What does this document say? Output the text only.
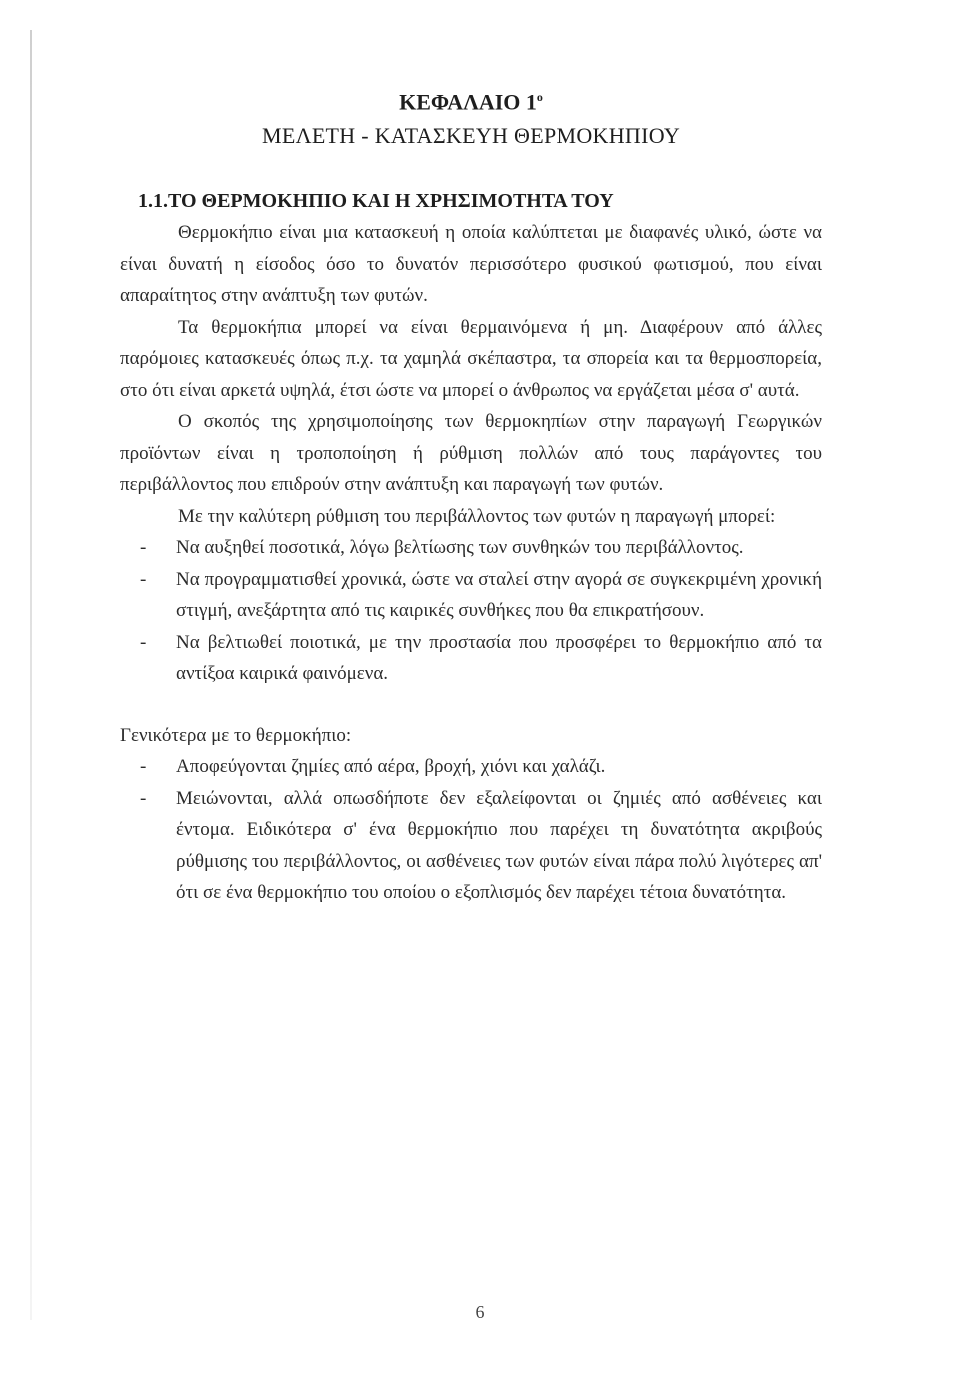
ΚΕΦΑΛΑΙΟ $1^o$
ΜΕΛΕΤΗ - ΚΑΤΑΣΚΕΥΗ ΘΕΡΜΟΚΗΠΙΟΥ
1.1.ΤΟ ΘΕΡΜΟΚΗΠΙΟ ΚΑΙ Η ΧΡΗΣΙΜΟΤΗΤΑ ΤΟΥ

Θερμοκήπιο είναι μια κατασκευή η οποία καλύπτεται με διαφανές υλικό, ώστε να είναι δυνατή η είσοδος όσο το δυνατόν περισσότερο φυσικού φωτισμού, που είναι απαραίτητος στην ανάπτυξη των φυτών.

Τα θερμοκήπια μπορεί να είναι θερμαινόμενα ή μη. Διαφέρουν από άλλες παρόμοιες κατασκευές όπως π.χ. τα χαμηλά σκέπαστρα, τα σπορεία και τα θερμοσπορεία, στο ότι είναι αρκετά υψηλά, έτσι ώστε να μπορεί ο άνθρωπος να εργάζεται μέσα σ' αυτά.

Ο σκοπός της χρησιμοποίησης των θερμοκηπίων στην παραγωγή Γεωργικών προϊόντων είναι η τροποποίηση ή ρύθμιση πολλών από τους παράγοντες του περιβάλλοντος που επιδρούν στην ανάπτυξη και παραγωγή των φυτών.

Με την καλύτερη ρύθμιση του περιβάλλοντος των φυτών η παραγωγή μπορεί:

- Να αυξηθεί ποσοτικά, λόγω βελτίωσης των συνθηκών του περιβάλλοντος.
- Να προγραμματισθεί χρονικά, ώστε να σταλεί στην αγορά σε συγκεκριμένη χρονική στιγμή, ανεξάρτητα από τις καιρικές συνθήκες που θα επικρατήσουν.
- Να βελτιωθεί ποιοτικά, με την προστασία που προσφέρει το θερμοκήπιο από τα αντίξοα καιρικά φαινόμενα.

Γενικότερα με το θερμοκήπιο:

- Αποφεύγονται ζημίες από αέρα, βροχή, χιόνι και χαλάζι.
- Μειώνονται, αλλά οπωσδήποτε δεν εξαλείφονται οι ζημιές από ασθένειες και έντομα. Ειδικότερα σ' ένα θερμοκήπιο που παρέχει τη δυνατότητα ακριβούς ρύθμισης του περιβάλλοντος, οι ασθένειες των φυτών είναι πάρα πολύ λιγότερες απ' ότι σε ένα θερμοκήπιο του οποίου ο εξοπλισμός δεν παρέχει τέτοια δυνατότητα.
6
